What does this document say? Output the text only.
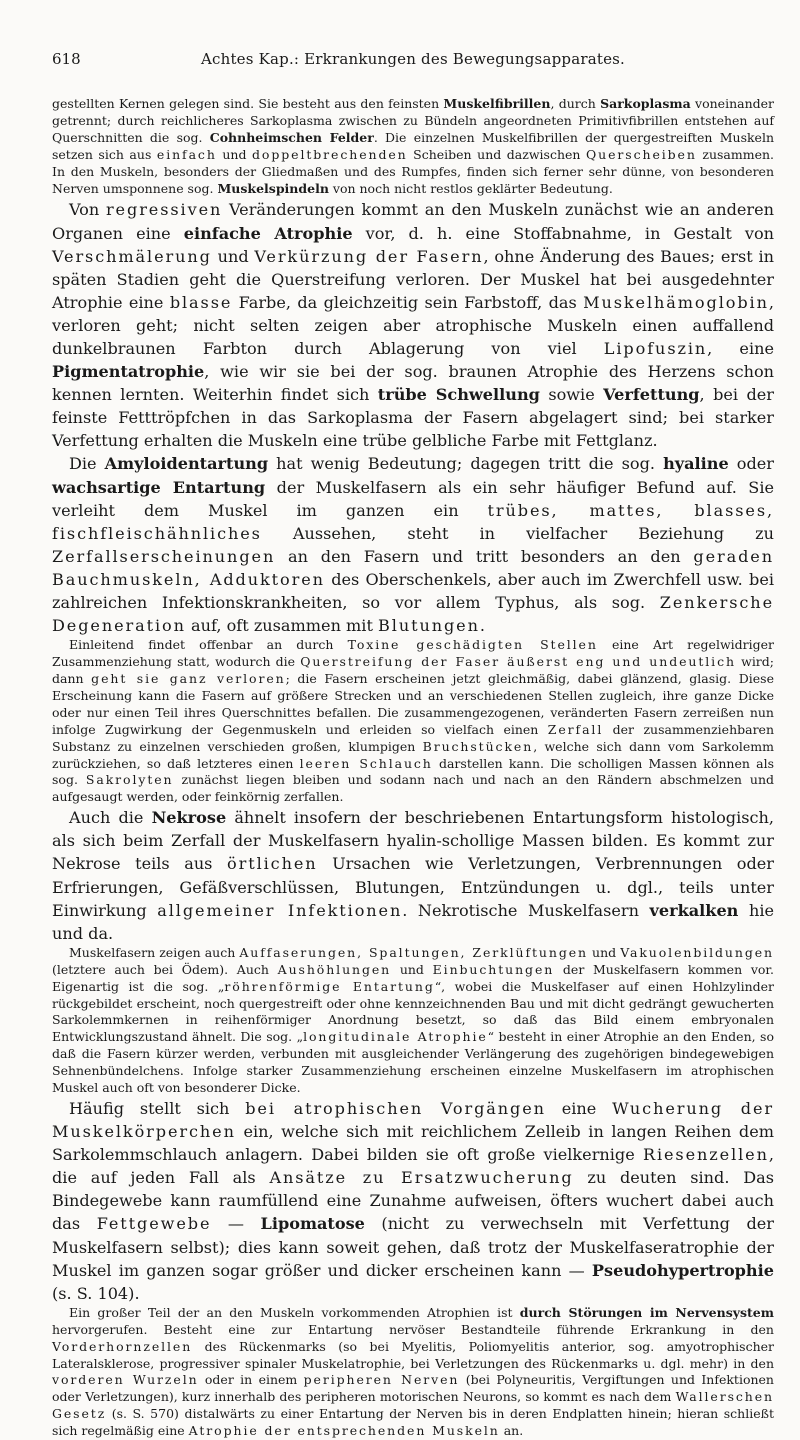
618	Achtes Kap.: Erkrankungen des Bewegungsapparates.

gestellten Kernen gelegen sind. Sie besteht aus den feinsten Muskelfibrillen, durch Sarkoplasma voneinander getrennt; durch reichlicheres Sarkoplasma zwischen zu Bündeln angeordneten Primitivfibrillen entstehen auf Querschnitten die sog. Cohnheimschen Felder. Die einzelnen Muskelfibrillen der quergestreiften Muskeln setzen sich aus einfach und doppeltbrechenden Scheiben und dazwischen Querscheiben zusammen. In den Muskeln, besonders der Gliedmaßen und des Rumpfes, finden sich ferner sehr dünne, von besonderen Nerven umsponnene sog. Muskelspindeln von noch nicht restlos geklärter Bedeutung.

Von regressiven Veränderungen kommt an den Muskeln zunächst wie an anderen Organen eine einfache Atrophie vor, d. h. eine Stoffabnahme, in Gestalt von Verschmälerung und Verkürzung der Fasern, ohne Änderung des Baues; erst in späten Stadien geht die Querstreifung verloren. Der Muskel hat bei ausgedehnter Atrophie eine blasse Farbe, da gleichzeitig sein Farbstoff, das Muskelhämoglobin, verloren geht; nicht selten zeigen aber atrophische Muskeln einen auffallend dunkelbraunen Farbton durch Ablagerung von viel Lipofuszin, eine Pigmentatrophie, wie wir sie bei der sog. braunen Atrophie des Herzens schon kennen lernten. Weiterhin findet sich trübe Schwellung sowie Verfettung, bei der feinste Fetttröpfchen in das Sarkoplasma der Fasern abgelagert sind; bei starker Verfettung erhalten die Muskeln eine trübe gelbliche Farbe mit Fettglanz.

Die Amyloidentartung hat wenig Bedeutung; dagegen tritt die sog. hyaline oder wachsartige Entartung der Muskelfasern als ein sehr häufiger Befund auf. Sie verleiht dem Muskel im ganzen ein trübes, mattes, blasses, fischfleischähnliches Aussehen, steht in vielfacher Beziehung zu Zerfallserscheinungen an den Fasern und tritt besonders an den geraden Bauchmuskeln, Adduktoren des Oberschenkels, aber auch im Zwerchfell usw. bei zahlreichen Infektionskrankheiten, so vor allem Typhus, als sog. Zenkersche Degeneration auf, oft zusammen mit Blutungen.

Einleitend findet offenbar an durch Toxine geschädigten Stellen eine Art regelwidriger Zusammenziehung statt, wodurch die Querstreifung der Faser äußerst eng und undeutlich wird; dann geht sie ganz verloren; die Fasern erscheinen jetzt gleichmäßig, dabei glänzend, glasig. Diese Erscheinung kann die Fasern auf größere Strecken und an verschiedenen Stellen zugleich, ihre ganze Dicke oder nur einen Teil ihres Querschnittes befallen. Die zusammengezogenen, veränderten Fasern zerreißen nun infolge Zugwirkung der Gegenmuskeln und erleiden so vielfach einen Zerfall der zusammenziehbaren Substanz zu einzelnen verschieden großen, klumpigen Bruchstücken, welche sich dann vom Sarkolemm zurückziehen, so daß letzteres einen leeren Schlauch darstellen kann. Die scholligen Massen können als sog. Sakrolyten zunächst liegen bleiben und sodann nach und nach an den Rändern abschmelzen und aufgesaugt werden, oder feinkörnig zerfallen.

Auch die Nekrose ähnelt insofern der beschriebenen Entartungsform histologisch, als sich beim Zerfall der Muskelfasern hyalin-schollige Massen bilden. Es kommt zur Nekrose teils aus örtlichen Ursachen wie Verletzungen, Verbrennungen oder Erfrierungen, Gefäßverschlüssen, Blutungen, Entzündungen u. dgl., teils unter Einwirkung allgemeiner Infektionen. Nekrotische Muskelfasern verkalken hie und da.

Muskelfasern zeigen auch Auffaserungen, Spaltungen, Zerklüftungen und Vakuolenbildungen (letztere auch bei Ödem). Auch Aushöhlungen und Einbuchtungen der Muskelfasern kommen vor. Eigenartig ist die sog. „röhrenförmige Entartung“, wobei die Muskelfaser auf einen Hohlzylinder rückgebildet erscheint, noch quergestreift oder ohne kennzeichnenden Bau und mit dicht gedrängt gewucherten Sarkolemmkernen in reihenförmiger Anordnung besetzt, so daß das Bild einem embryonalen Entwicklungszustand ähnelt. Die sog. „longitudinale Atrophie“ besteht in einer Atrophie an den Enden, so daß die Fasern kürzer werden, verbunden mit ausgleichender Verlängerung des zugehörigen bindegewebigen Sehnenbündelchens. Infolge starker Zusammenziehung erscheinen einzelne Muskelfasern im atrophischen Muskel auch oft von besonderer Dicke.

Häufig stellt sich bei atrophischen Vorgängen eine Wucherung der Muskelkörperchen ein, welche sich mit reichlichem Zelleib in langen Reihen dem Sarkolemmschlauch anlagern. Dabei bilden sie oft große vielkernige Riesenzellen, die auf jeden Fall als Ansätze zu Ersatzwucherung zu deuten sind. Das Bindegewebe kann raumfüllend eine Zunahme aufweisen, öfters wuchert dabei auch das Fettgewebe — Lipomatose (nicht zu verwechseln mit Verfettung der Muskelfasern selbst); dies kann soweit gehen, daß trotz der Muskelfaseratrophie der Muskel im ganzen sogar größer und dicker erscheinen kann — Pseudohypertrophie (s. S. 104).

Ein großer Teil der an den Muskeln vorkommenden Atrophien ist durch Störungen im Nervensystem hervorgerufen. Besteht eine zur Entartung nervöser Bestandteile führende Erkrankung in den Vorderhornzellen des Rückenmarks (so bei Myelitis, Poliomyelitis anterior, sog. amyotrophischer Lateralsklerose, progressiver spinaler Muskelatrophie, bei Verletzungen des Rückenmarks u. dgl. mehr) in den vorderen Wurzeln oder in einem peripheren Nerven (bei Polyneuritis, Vergiftungen und Infektionen oder Verletzungen), kurz innerhalb des peripheren motorischen Neurons, so kommt es nach dem Wallerschen Gesetz (s. S. 570) distalwärts zu einer Entartung der Nerven bis in deren Endplatten hinein; hieran schließt sich regelmäßig eine Atrophie der entsprechenden Muskeln an.
